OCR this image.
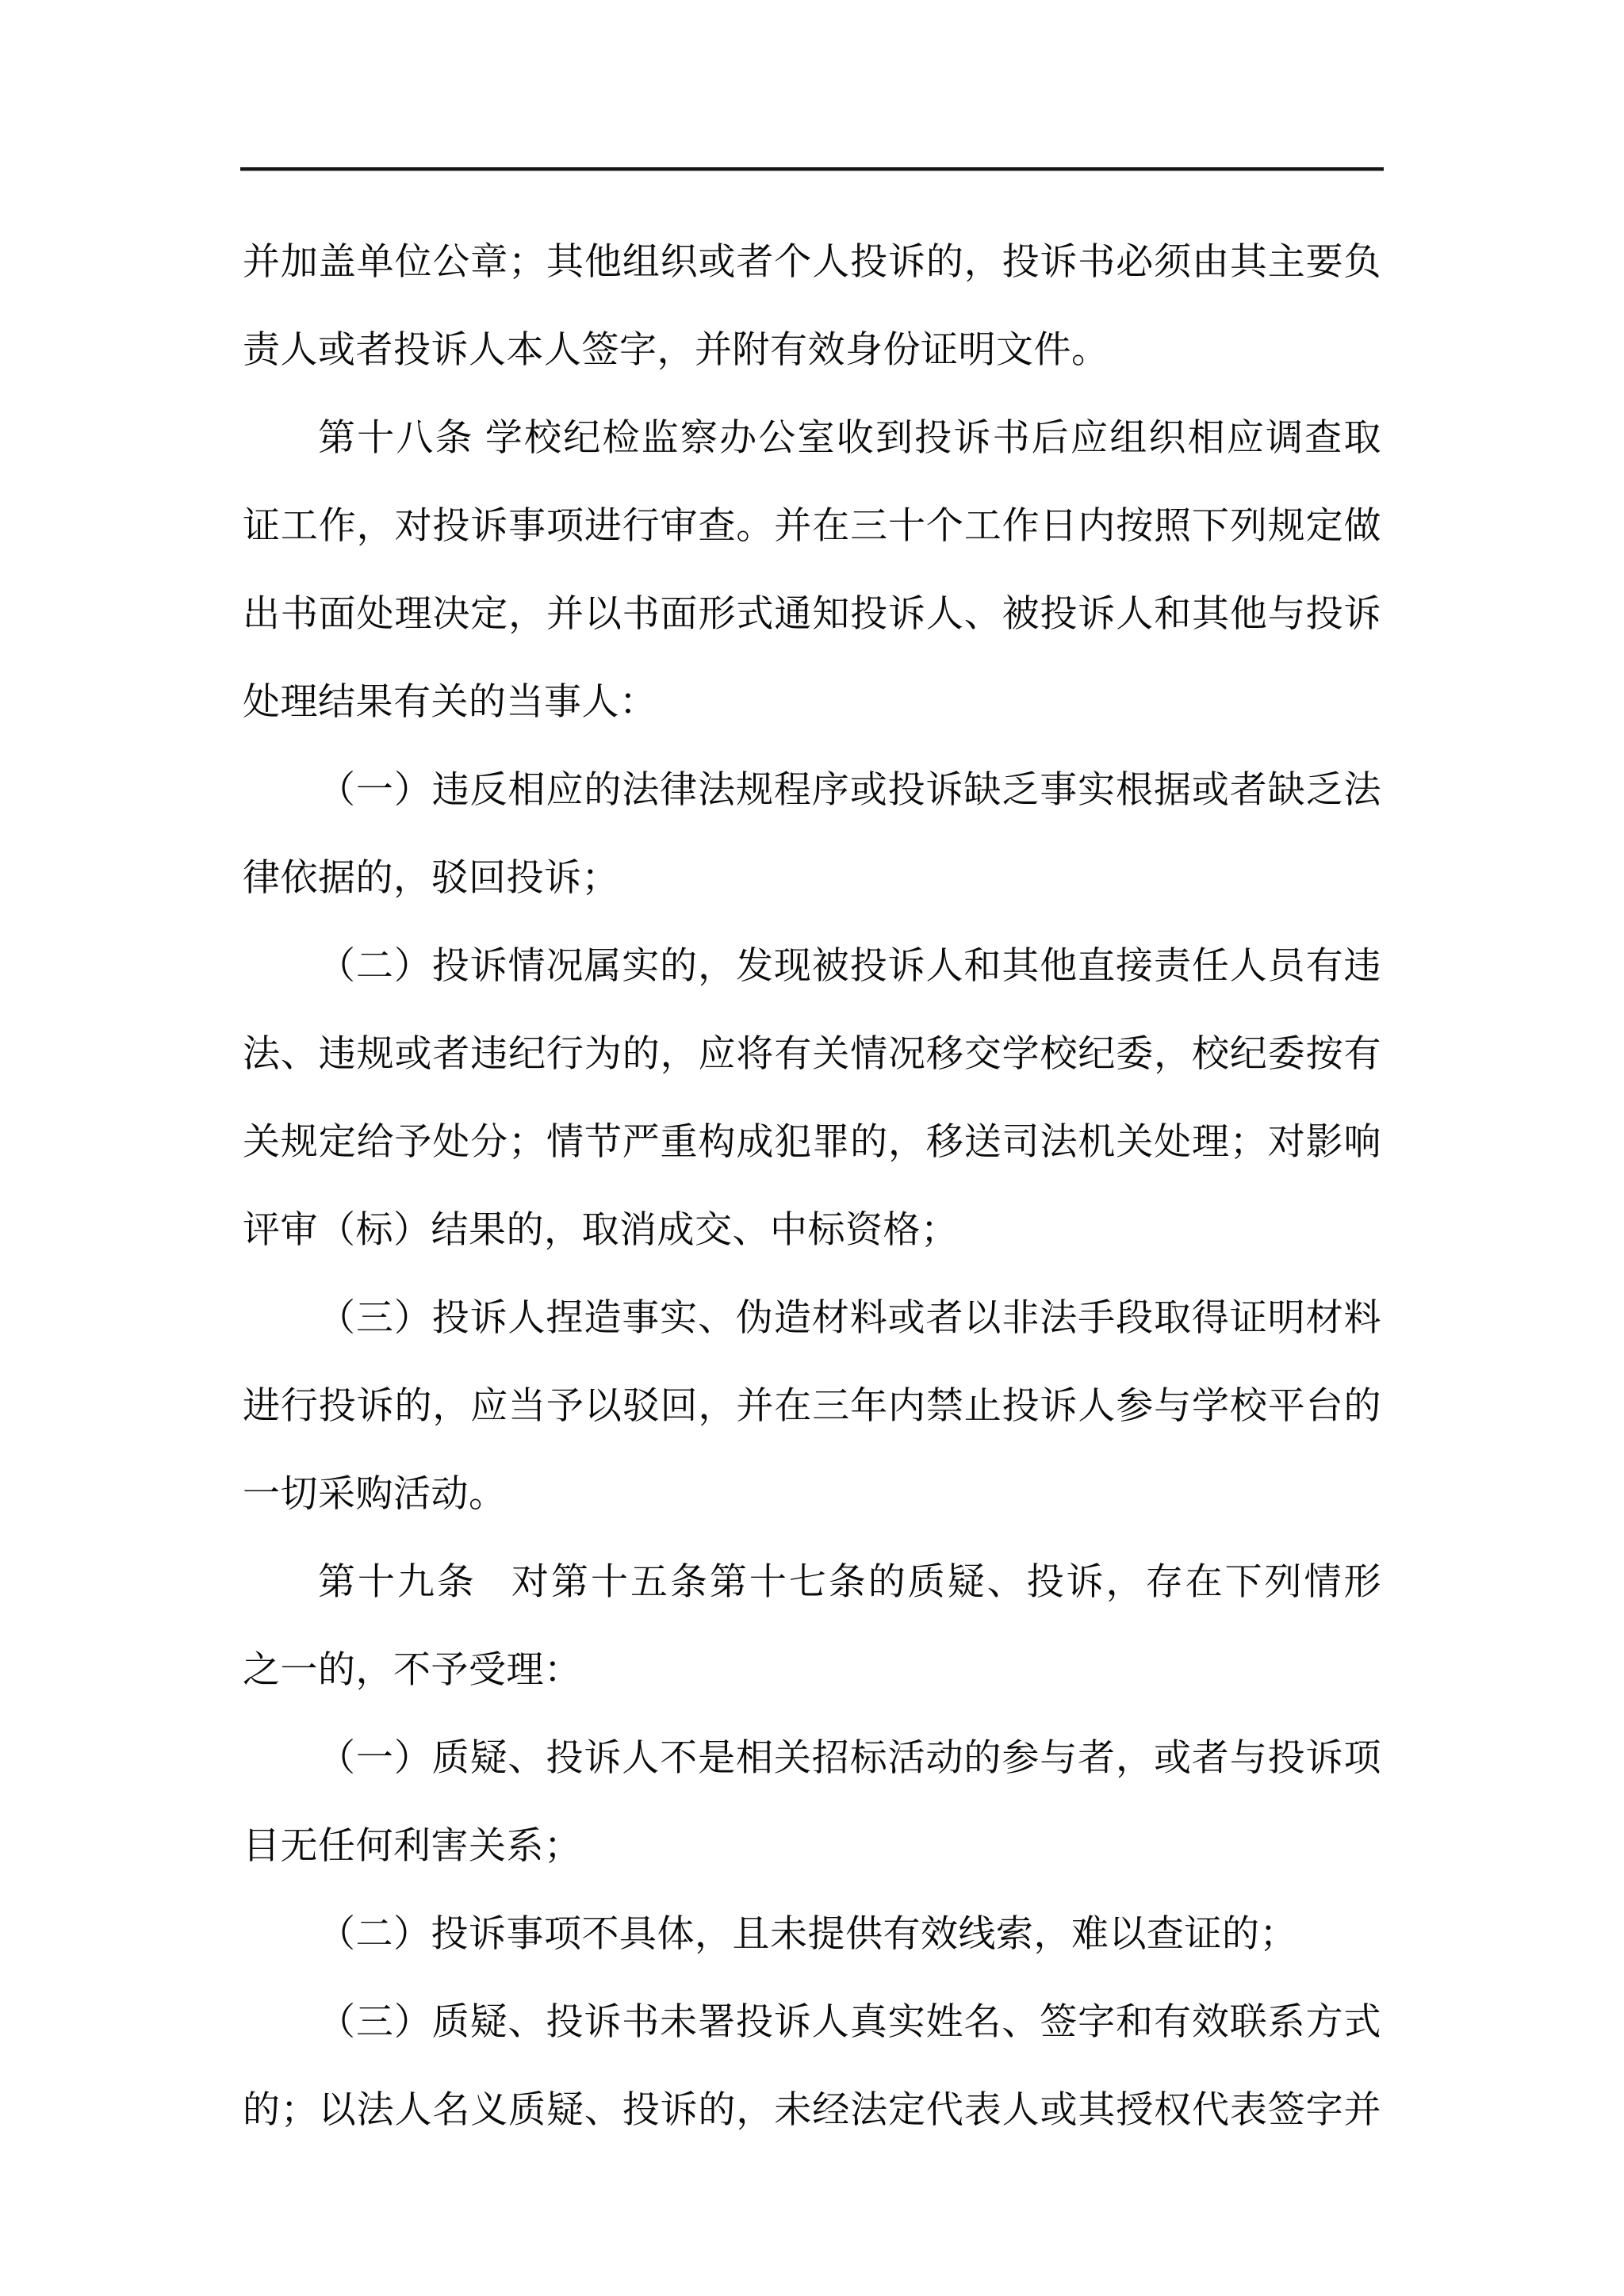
并加盖单位公章；其他组织或者个人投诉的，投诉书必须由其主要负
责人或者投诉人本人签字，并附有效身份证明文件。
第十八条 学校纪检监察办公室收到投诉书后应组织相应调查取
证工作，对投诉事项进行审查。并在三十个工作日内按照下列规定做
出书面处理决定，并以书面形式通知投诉人、被投诉人和其他与投诉
处理结果有关的当事人：
（一）违反相应的法律法规程序或投诉缺乏事实根据或者缺乏法
律依据的，驳回投诉；
（二）投诉情况属实的，发现被投诉人和其他直接责任人员有违
法、违规或者违纪行为的，应将有关情况移交学校纪委，校纪委按有
关规定给予处分；情节严重构成犯罪的，移送司法机关处理；对影响
评审（标）结果的，取消成交、中标资格；
（三）投诉人捏造事实、伪造材料或者以非法手段取得证明材料
进行投诉的，应当予以驳回，并在三年内禁止投诉人参与学校平台的
一切采购活动。
第十九条   对第十五条第十七条的质疑、投诉，存在下列情形
之一的，不予受理：
（一）质疑、投诉人不是相关招标活动的参与者，或者与投诉项
目无任何利害关系；
（二）投诉事项不具体，且未提供有效线索，难以查证的；
（三）质疑、投诉书未署投诉人真实姓名、签字和有效联系方式
的；以法人名义质疑、投诉的，未经法定代表人或其授权代表签字并
